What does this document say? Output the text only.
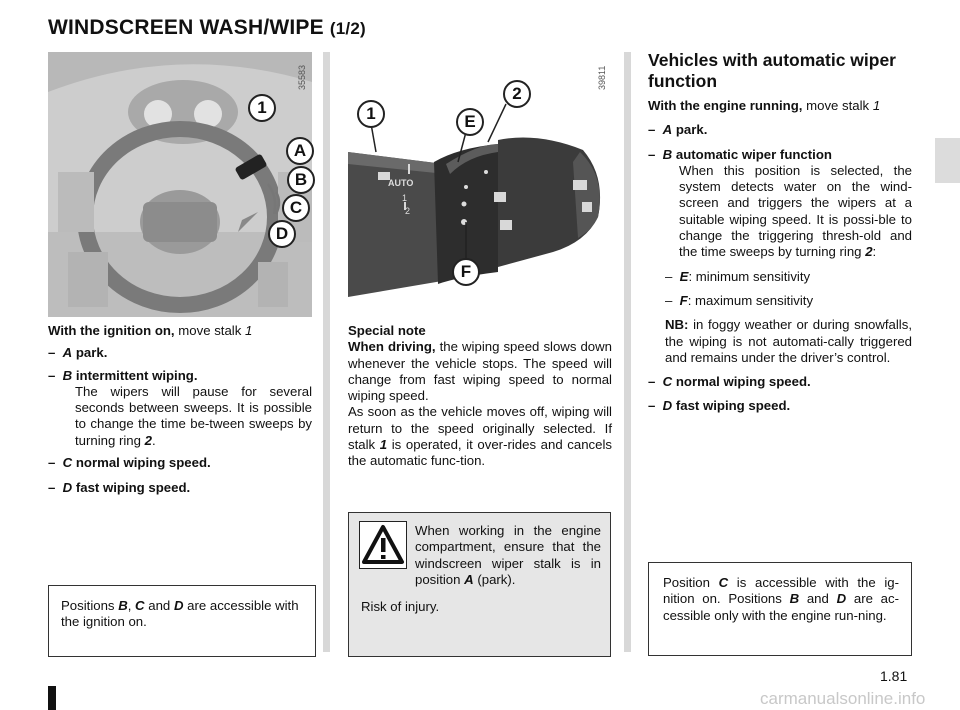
WINDSCREEN WASH/WIPE (1/2)
35583
1
A
B
C
D
AUTO
1
2
39811
1
2
E
F

With the ignition on, move stalk 1

– A park.

– B intermittent wiping.

The wipers will pause for several seconds between sweeps. It is possible to change the time be-tween sweeps by turning ring 2.

– C normal wiping speed.

– D fast wiping speed.

Positions B, C and D are accessible with the ignition on.
Special note
When driving, the wiping speed slows down whenever the vehicle stops. The speed will change from fast wiping speed to normal wiping speed.
As soon as the vehicle moves off, wiping will return to the speed originally selected. If stalk 1 is operated, it over-rides and cancels the automatic func-tion.
When working in the engine compartment, ensure that the windscreen wiper stalk is in position A (park).
Risk of injury.
Vehicles with automatic wiper function

With the engine running, move stalk 1

– A park.

– B automatic wiper function

When this position is selected, the system detects water on the wind-screen and triggers the wipers at a suitable wiping speed. It is possi-ble to change the triggering thresh-old and the time sweeps by turning ring 2:

– E: minimum sensitivity

– F: maximum sensitivity

NB: in foggy weather or during snowfalls, the wiping is not automati-cally triggered and remains under the driver’s control.

– C normal wiping speed.

– D fast wiping speed.

Position C is accessible with the ig-nition on. Positions B and D are ac-cessible only with the engine run-ning.
1.81
carmanualsonline.info
